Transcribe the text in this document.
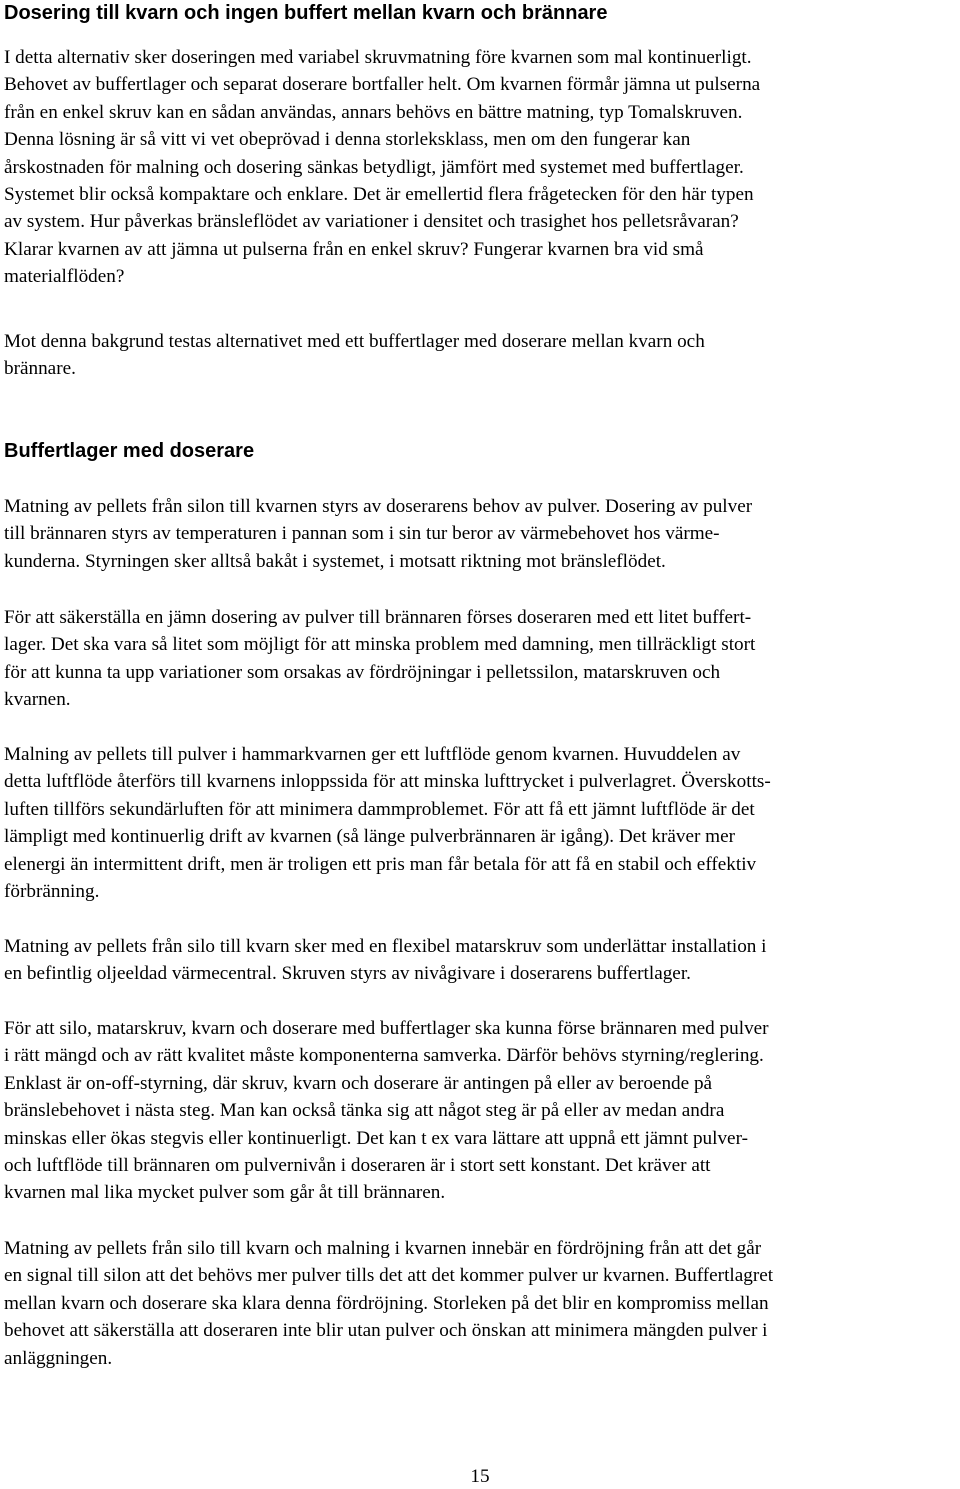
Dosering till kvarn och ingen buffert mellan kvarn och brännare

I detta alternativ sker doseringen med variabel skruvmatning före kvarnen som mal kontinuerligt.
Behovet av buffertlager och separat doserare bortfaller helt. Om kvarnen förmår jämna ut pulserna
från en enkel skruv kan en sådan användas, annars behövs en bättre matning, typ Tomalskruven.
Denna lösning är så vitt vi vet obeprövad i denna storleksklass, men om den fungerar kan
årskostnaden för malning och dosering sänkas betydligt, jämfört med systemet med buffertlager.
Systemet blir också kompaktare och enklare. Det är emellertid flera frågetecken för den här typen
av system. Hur påverkas bränsleflödet av variationer i densitet och trasighet hos pelletsråvaran?
Klarar kvarnen av att jämna ut pulserna från en enkel skruv? Fungerar kvarnen bra vid små
materialflöden?

Mot denna bakgrund testas alternativet med ett buffertlager med doserare mellan kvarn och
brännare.

Buffertlager med doserare

Matning av pellets från silon till kvarnen styrs av doserarens behov av pulver. Dosering av pulver
till brännaren styrs av temperaturen i pannan som i sin tur beror av värmebehovet hos värme-
kunderna. Styrningen sker alltså bakåt i systemet, i motsatt riktning mot bränsleflödet.

För att säkerställa en jämn dosering av pulver till brännaren förses doseraren med ett litet buffert-
lager. Det ska vara så litet som möjligt för att minska problem med damning, men tillräckligt stort
för att kunna ta upp variationer som orsakas av fördröjningar i pelletssilon, matarskruven och
kvarnen.

Malning av pellets till pulver i hammarkvarnen ger ett luftflöde genom kvarnen. Huvuddelen av
detta luftflöde återförs till kvarnens inloppssida för att minska lufttrycket i pulverlagret. Överskotts-
luften tillförs sekundärluften för att minimera dammproblemet. För att få ett jämnt luftflöde är det
lämpligt med kontinuerlig drift av kvarnen (så länge pulverbrännaren är igång). Det kräver mer
elenergi än intermittent drift, men är troligen ett pris man får betala för att få en stabil och effektiv
förbränning.

Matning av pellets från silo till kvarn sker med en flexibel matarskruv som underlättar installation i
en befintlig oljeeldad värmecentral. Skruven styrs av nivågivare i doserarens buffertlager.

För att silo, matarskruv, kvarn och doserare med buffertlager ska kunna förse brännaren med pulver
i rätt mängd och av rätt kvalitet måste komponenterna samverka. Därför behövs styrning/reglering.
Enklast är on-off-styrning, där skruv, kvarn och doserare är antingen på eller av beroende på
bränslebehovet i nästa steg. Man kan också tänka sig att något steg är på eller av medan andra
minskas eller ökas stegvis eller kontinuerligt. Det kan t ex vara lättare att uppnå ett jämnt pulver-
och luftflöde till brännaren om pulvernivån i doseraren är i stort sett konstant. Det kräver att
kvarnen mal lika mycket pulver som går åt till brännaren.

Matning av pellets från silo till kvarn och malning i kvarnen innebär en fördröjning från att det går
en signal till silon att det behövs mer pulver tills det att det kommer pulver ur kvarnen. Buffertlagret
mellan kvarn och doserare ska klara denna fördröjning. Storleken på det blir en kompromiss mellan
behovet att säkerställa att doseraren inte blir utan pulver och önskan att minimera mängden pulver i
anläggningen.

15
